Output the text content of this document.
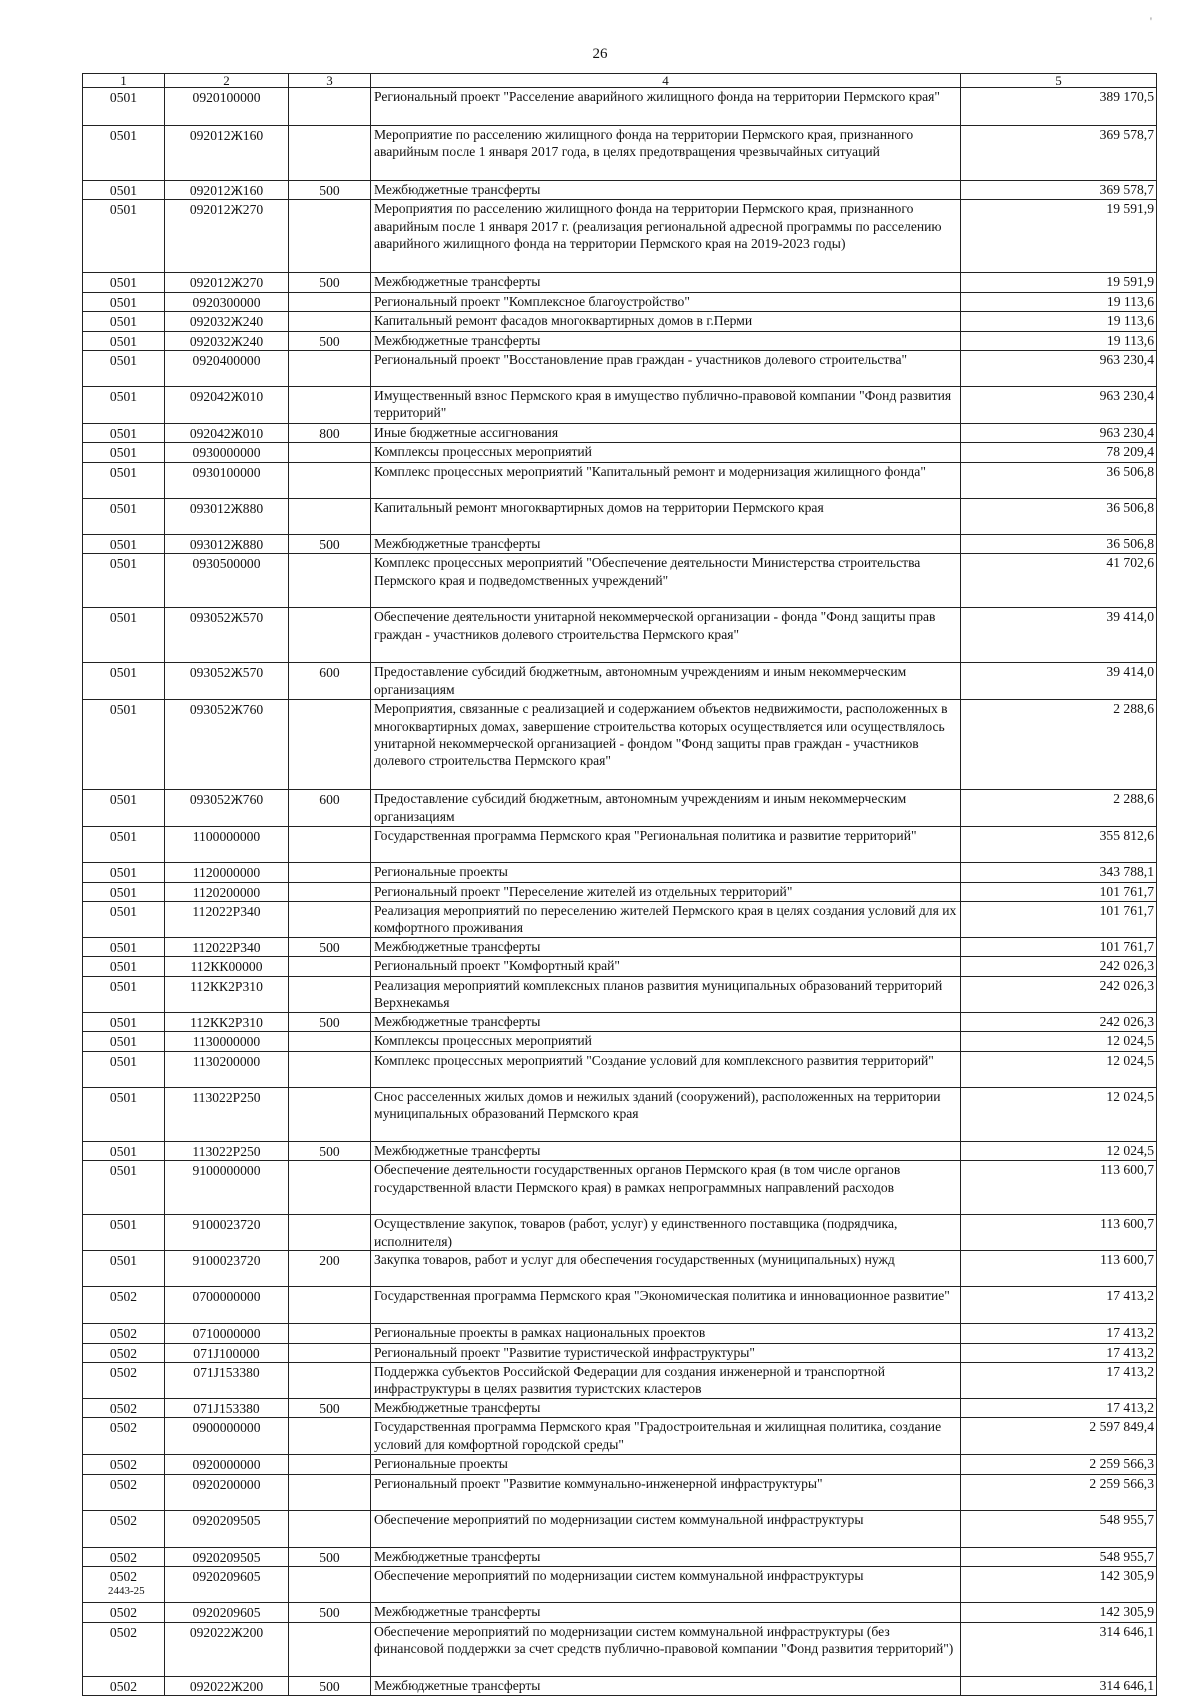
'
26
1	2	3	4	5
0501	0920100000		Региональный проект "Расселение аварийного жилищного фонда на территории Пермского края"	389 170,5
0501	092012Ж160		Мероприятие по расселению жилищного фонда на территории Пермского края, признанного аварийным после 1 января 2017 года, в целях предотвращения чрезвычайных ситуаций	369 578,7
0501	092012Ж160	500	Межбюджетные трансферты	369 578,7
0501	092012Ж270		Мероприятия по расселению жилищного фонда на территории Пермского края, признанного аварийным после 1 января 2017 г. (реализация региональной адресной программы по расселению аварийного жилищного фонда на территории Пермского края на 2019-2023 годы)	19 591,9
0501	092012Ж270	500	Межбюджетные трансферты	19 591,9
0501	0920300000		Региональный проект "Комплексное благоустройство"	19 113,6
0501	092032Ж240		Капитальный ремонт фасадов многоквартирных домов в г.Перми	19 113,6
0501	092032Ж240	500	Межбюджетные трансферты	19 113,6
0501	0920400000		Региональный проект "Восстановление прав граждан - участников долевого строительства"	963 230,4
0501	092042Ж010		Имущественный взнос Пермского края в имущество публично-правовой компании "Фонд развития территорий"	963 230,4
0501	092042Ж010	800	Иные бюджетные ассигнования	963 230,4
0501	0930000000		Комплексы процессных мероприятий	78 209,4
0501	0930100000		Комплекс процессных мероприятий "Капитальный ремонт и модернизация жилищного фонда"	36 506,8
0501	093012Ж880		Капитальный ремонт многоквартирных домов на территории Пермского края	36 506,8
0501	093012Ж880	500	Межбюджетные трансферты	36 506,8
0501	0930500000		Комплекс процессных мероприятий "Обеспечение деятельности Министерства строительства Пермского края и подведомственных учреждений"	41 702,6
0501	093052Ж570		Обеспечение деятельности унитарной некоммерческой организации - фонда "Фонд защиты прав граждан - участников долевого строительства Пермского края"	39 414,0
0501	093052Ж570	600	Предоставление субсидий бюджетным, автономным учреждениям и иным некоммерческим организациям	39 414,0
0501	093052Ж760		Мероприятия, связанные с реализацией и содержанием объектов недвижимости, расположенных в многоквартирных домах, завершение строительства которых осуществляется или осуществлялось унитарной некоммерческой организацией - фондом "Фонд защиты прав граждан - участников долевого строительства Пермского края"	2 288,6
0501	093052Ж760	600	Предоставление субсидий бюджетным, автономным учреждениям и иным некоммерческим организациям	2 288,6
0501	1100000000		Государственная программа Пермского края "Региональная политика и развитие территорий"	355 812,6
0501	1120000000		Региональные проекты	343 788,1
0501	1120200000		Региональный проект "Переселение жителей из отдельных территорий"	101 761,7
0501	112022Р340		Реализация мероприятий по переселению жителей Пермского края в целях создания условий для их комфортного проживания	101 761,7
0501	112022Р340	500	Межбюджетные трансферты	101 761,7
0501	112КК00000		Региональный проект "Комфортный край"	242 026,3
0501	112КК2Р310		Реализация мероприятий комплексных планов развития муниципальных образований территорий Верхнекамья	242 026,3
0501	112КК2Р310	500	Межбюджетные трансферты	242 026,3
0501	1130000000		Комплексы процессных мероприятий	12 024,5
0501	1130200000		Комплекс процессных мероприятий "Создание условий для комплексного развития территорий"	12 024,5
0501	113022Р250		Снос расселенных жилых домов и нежилых зданий (сооружений), расположенных на территории муниципальных образований Пермского края	12 024,5
0501	113022Р250	500	Межбюджетные трансферты	12 024,5
0501	9100000000		Обеспечение деятельности государственных органов Пермского края (в том числе органов государственной власти Пермского края) в рамках непрограммных направлений расходов	113 600,7
0501	9100023720		Осуществление закупок, товаров (работ, услуг) у единственного поставщика (подрядчика, исполнителя)	113 600,7
0501	9100023720	200	Закупка товаров, работ и услуг для обеспечения государственных (муниципальных) нужд	113 600,7
0502	0700000000		Государственная программа Пермского края "Экономическая политика и инновационное развитие"	17 413,2
0502	0710000000		Региональные проекты в рамках национальных проектов	17 413,2
0502	071J100000		Региональный проект "Развитие туристической инфраструктуры"	17 413,2
0502	071J153380		Поддержка субъектов Российской Федерации для создания инженерной и транспортной инфраструктуры в целях развития туристских кластеров	17 413,2
0502	071J153380	500	Межбюджетные трансферты	17 413,2
0502	0900000000		Государственная программа Пермского края "Градостроительная и жилищная политика, создание условий для комфортной городской среды"	2 597 849,4
0502	0920000000		Региональные проекты	2 259 566,3
0502	0920200000		Региональный проект "Развитие коммунально-инженерной инфраструктуры"	2 259 566,3
0502	0920209505		Обеспечение мероприятий по модернизации систем коммунальной инфраструктуры	548 955,7
0502	0920209505	500	Межбюджетные трансферты	548 955,7
0502	0920209605		Обеспечение мероприятий по модернизации систем коммунальной инфраструктуры	142 305,9
0502	0920209605	500	Межбюджетные трансферты	142 305,9
0502	092022Ж200		Обеспечение мероприятий по модернизации систем коммунальной инфраструктуры (без финансовой поддержки за счет средств публично-правовой компании "Фонд развития территорий")	314 646,1
0502	092022Ж200	500	Межбюджетные трансферты	314 646,1
2443-25
